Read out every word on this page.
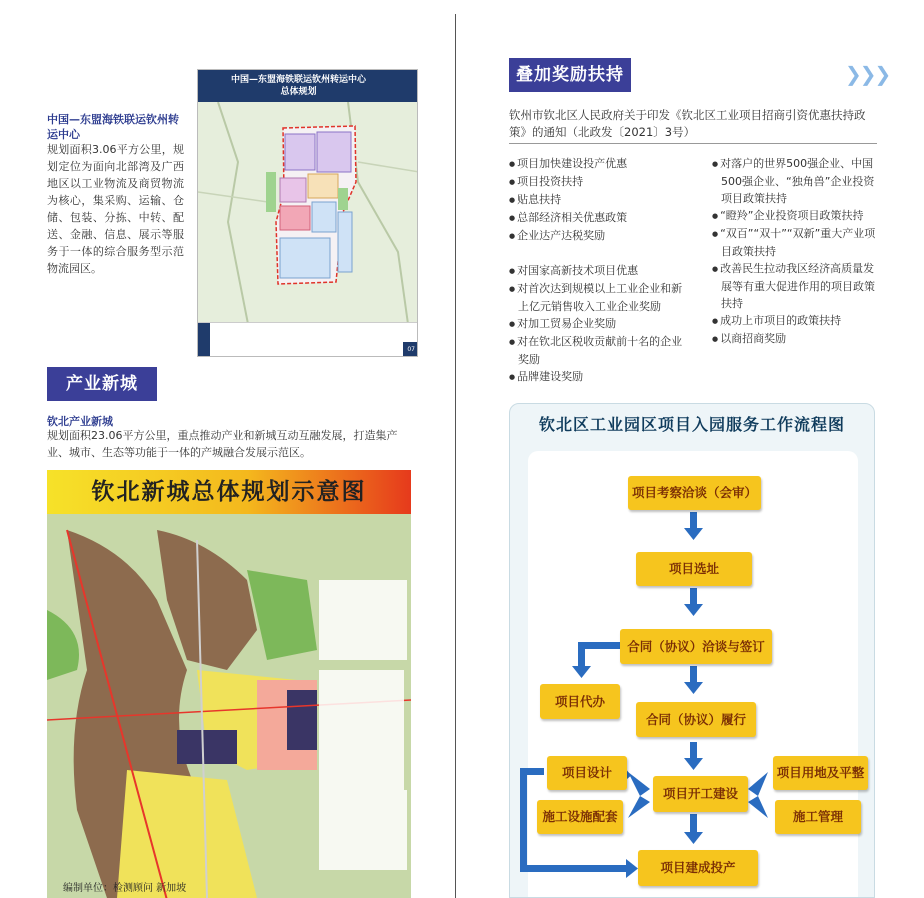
中国—东盟海铁联运钦州转运中心
规划面积3.06平方公里，规划定位为面向北部湾及广西地区以工业物流及商贸物流为核心，集采购、运输、仓储、包装、分拣、中转、配送、金融、信息、展示等服务于一体的综合服务型示范物流园区。
中国—东盟海铁联运钦州转运中心
总体规划
07
产业新城
钦北产业新城
规划面积23.06平方公里，重点推动产业和新城互动互融发展，打造集产业、城市、生态等功能于一体的产城融合发展示范区。
钦北新城总体规划示意图
编制单位：检测顾问 新加坡
叠加奖励扶持	❯❯❯
钦州市钦北区人民政府关于印发《钦北区工业项目招商引资优惠扶持政策》的通知（北政发〔2021〕3号）
● 项目加快建设投产优惠
● 项目投资扶持
● 贴息扶持
● 总部经济相关优惠政策
● 企业达产达税奖励
● 对国家高新技术项目优惠
● 对首次达到规模以上工业企业和新上亿元销售收入工业企业奖励
● 对加工贸易企业奖励
● 对在钦北区税收贡献前十名的企业奖励
● 品牌建设奖励
● 对落户的世界500强企业、中国500强企业、“独角兽”企业投资项目政策扶持
● “瞪羚”企业投资项目政策扶持
● “双百”“双十”“双新”重大产业项目政策扶持
● 改善民生拉动我区经济高质量发展等有重大促进作用的项目政策扶持
● 成功上市项目的政策扶持
● 以商招商奖励
钦北区工业园区项目入园服务工作流程图
项目考察洽谈（会审）
项目选址
合同（协议）洽谈与签订
项目代办
合同（协议）履行
项目设计	项目用地及平整
项目开工建设
施工设施配套	施工管理
项目建成投产
